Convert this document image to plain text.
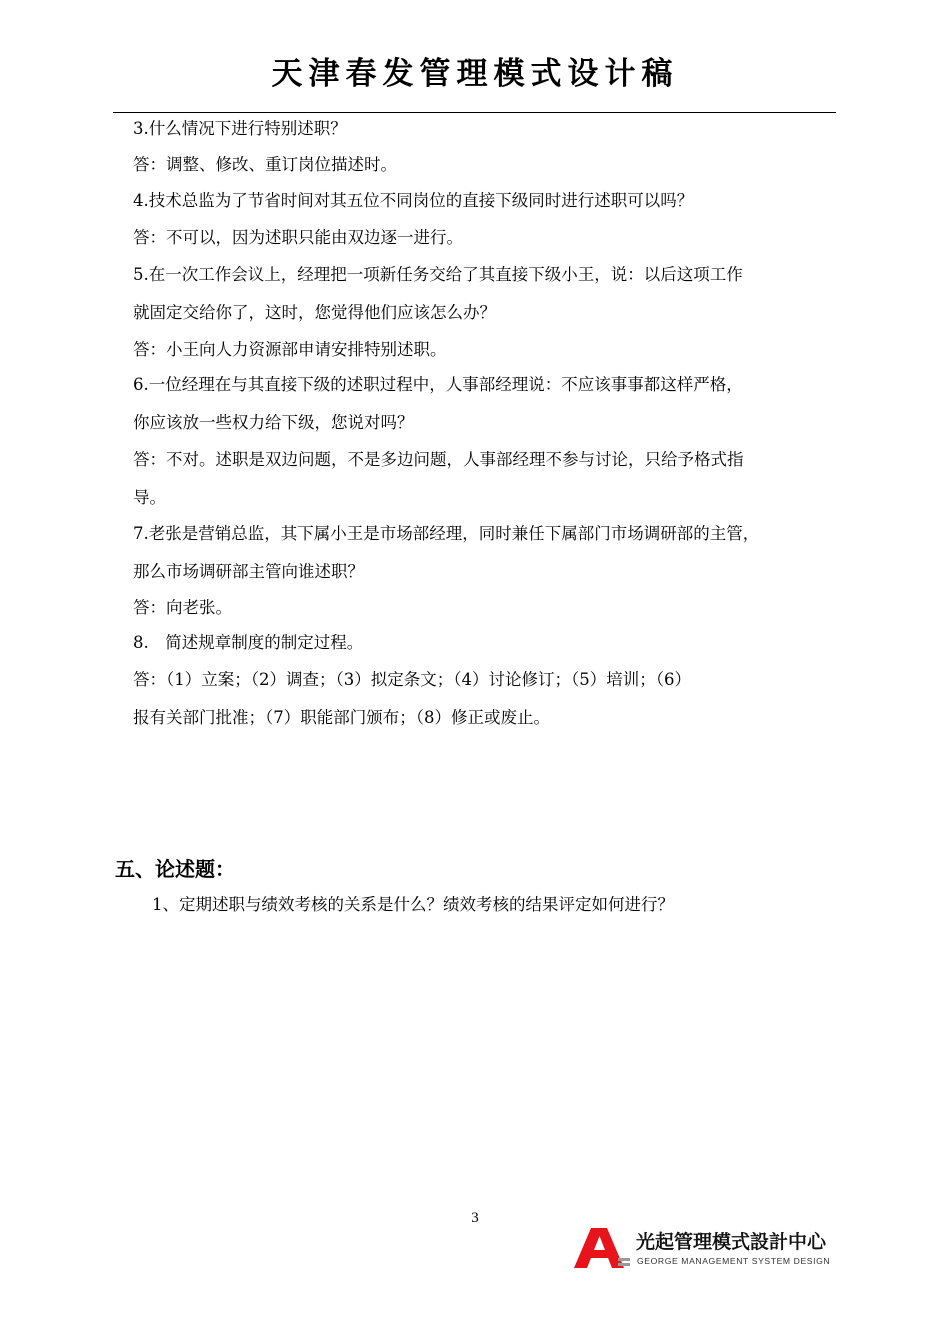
天津春发管理模式设计稿
3.什么情况下进行特别述职？
答：调整、修改、重订岗位描述时。
4.技术总监为了节省时间对其五位不同岗位的直接下级同时进行述职可以吗？
答：不可以，因为述职只能由双边逐一进行。
5.在一次工作会议上，经理把一项新任务交给了其直接下级小王，说：以后这项工作
就固定交给你了，这时，您觉得他们应该怎么办？
答：小王向人力资源部申请安排特别述职。
6.一位经理在与其直接下级的述职过程中，人事部经理说：不应该事事都这样严格，
你应该放一些权力给下级，您说对吗？
答：不对。述职是双边问题，不是多边问题，人事部经理不参与讨论，只给予格式指
导。
7.老张是营销总监，其下属小王是市场部经理，同时兼任下属部门市场调研部的主管，
那么市场调研部主管向谁述职？
答：向老张。
8.　简述规章制度的制定过程。
答：（1）立案；（2）调查；（3）拟定条文；（4）讨论修订；（5）培训；（6）
报有关部门批准；（7）职能部门颁布；（8）修正或废止。
五、论述题：
1、定期述职与绩效考核的关系是什么？绩效考核的结果评定如何进行？
3
光起管理模式設計中心
GEORGE MANAGEMENT SYSTEM DESIGN
